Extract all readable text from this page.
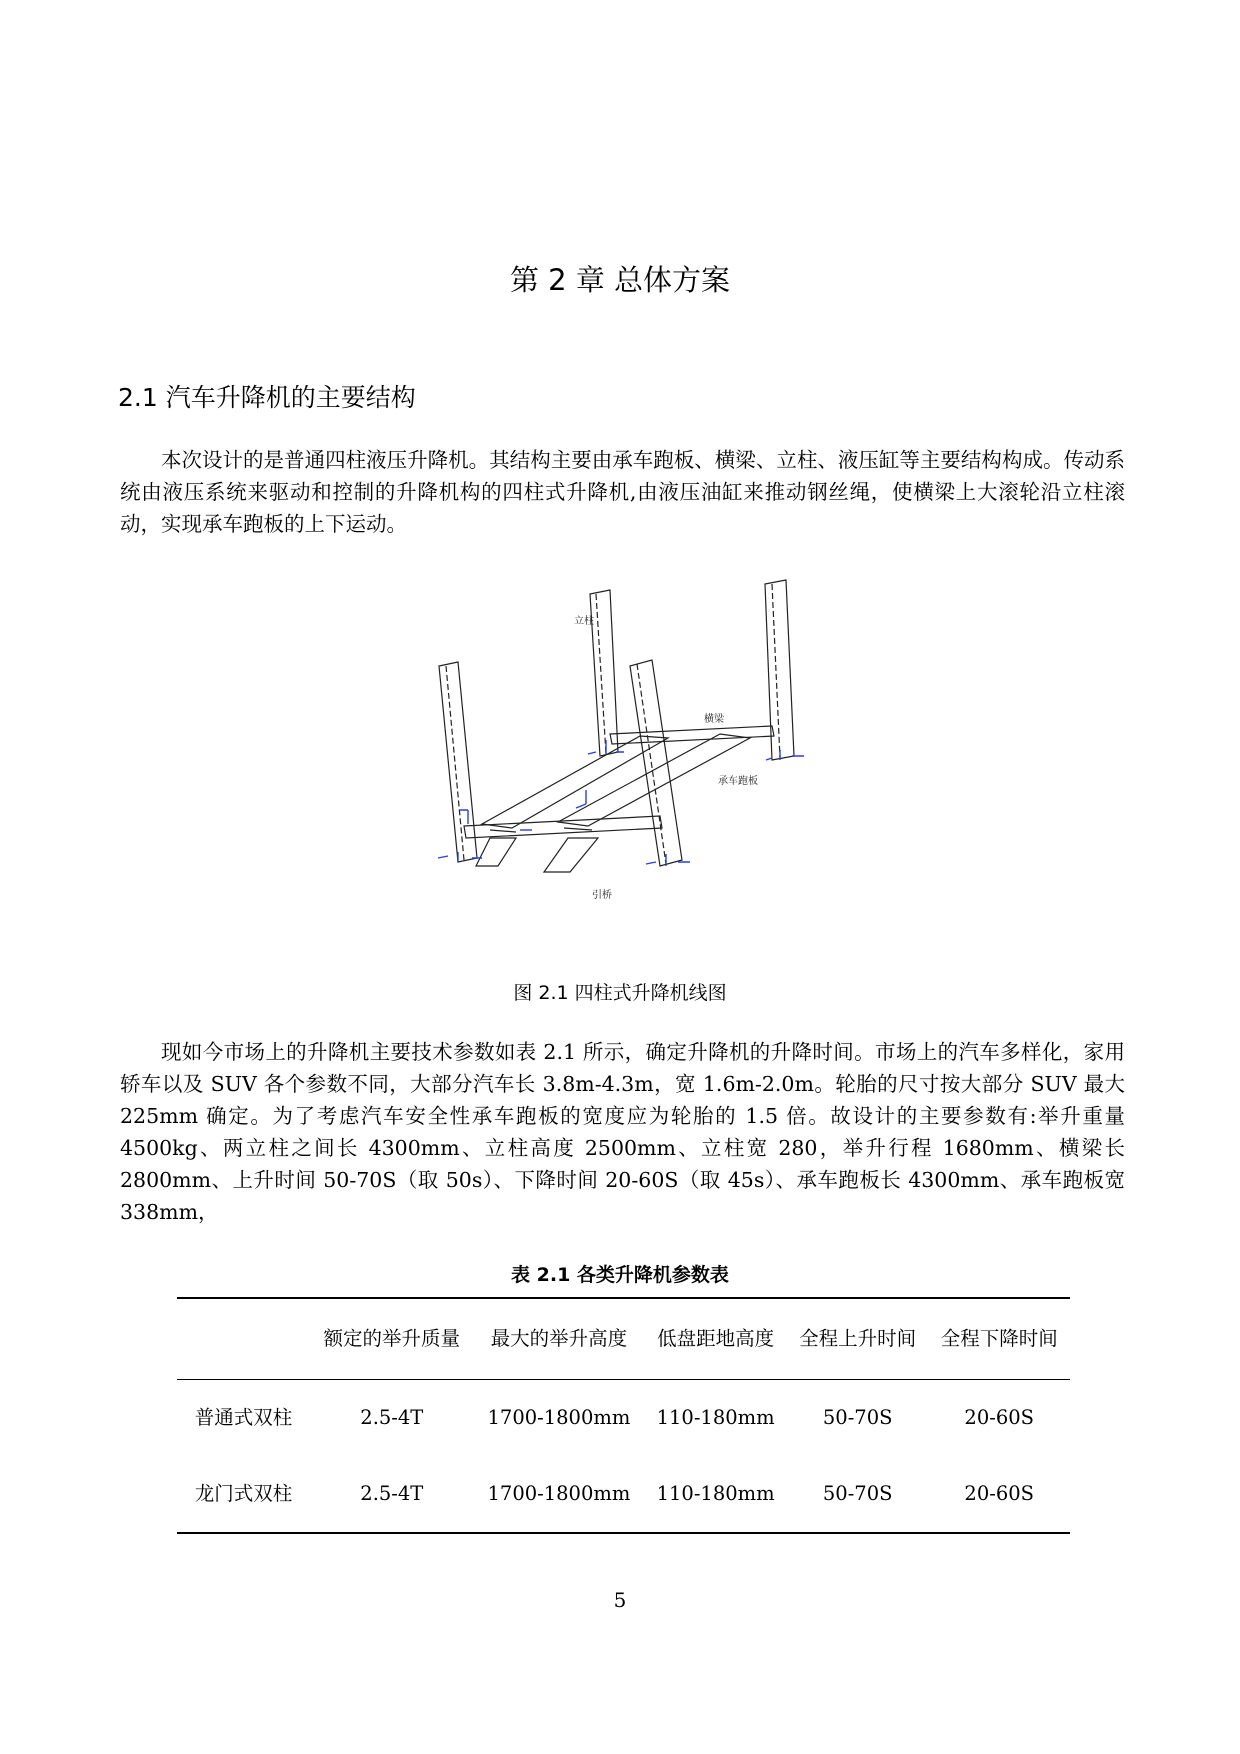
第 2 章 总体方案
2.1 汽车升降机的主要结构

本次设计的是普通四柱液压升降机。其结构主要由承车跑板、横梁、立柱、液压缸等主要结构构成。传动系统由液压系统来驱动和控制的升降机构的四柱式升降机,由液压油缸来推动钢丝绳，使横梁上大滚轮沿立柱滚动，实现承车跑板的上下运动。

立柱
横梁
承车跑板
引桥
图 2.1 四柱式升降机线图

现如今市场上的升降机主要技术参数如表 2.1 所示，确定升降机的升降时间。市场上的汽车多样化，家用轿车以及 SUV 各个参数不同，大部分汽车长 3.8m-4.3m，宽 1.6m-2.0m。轮胎的尺寸按大部分 SUV 最大 225mm 确定。为了考虑汽车安全性承车跑板的宽度应为轮胎的 1.5 倍。故设计的主要参数有:举升重量 4500kg、两立柱之间长 4300mm、立柱高度 2500mm、立柱宽 280，举升行程 1680mm、横梁长 2800mm、上升时间 50-70S（取 50s）、下降时间 20-60S（取 45s）、承车跑板长 4300mm、承车跑板宽 338mm，

表 2.1 各类升降机参数表
	额定的举升质量	最大的举升高度	低盘距地高度	全程上升时间	全程下降时间
普通式双柱	2.5-4T	1700-1800mm	110-180mm	50-70S	20-60S
龙门式双柱	2.5-4T	1700-1800mm	110-180mm	50-70S	20-60S
5
